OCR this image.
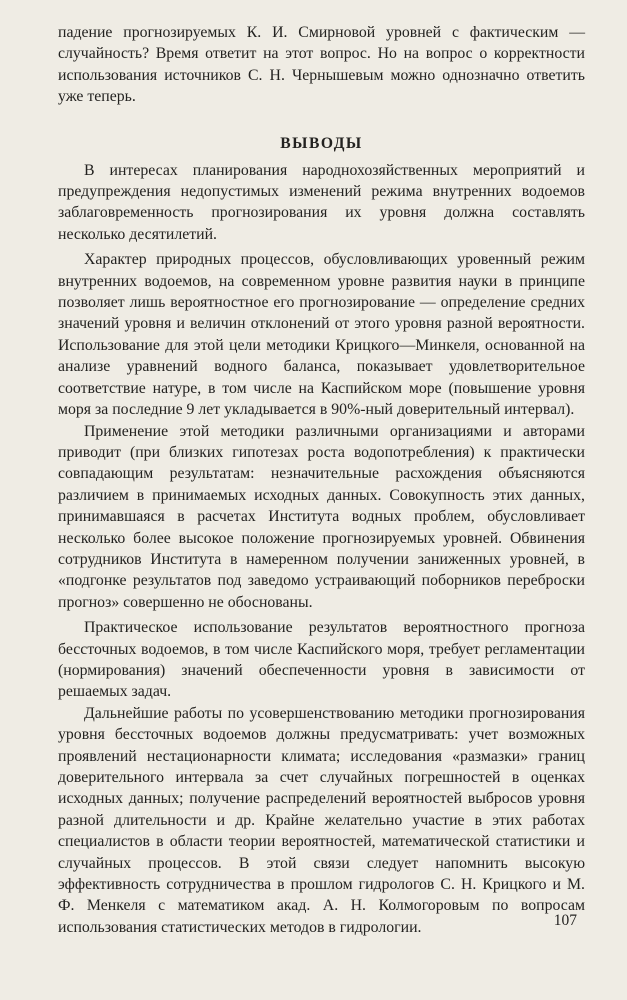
падение прогнозируемых К. И. Смирновой уровней с фактическим — случайность? Время ответит на этот вопрос. Но на вопрос о корректности использования источников С. Н. Чернышевым можно однозначно ответить уже теперь.

ВЫВОДЫ

В интересах планирования народнохозяйственных мероприятий и предупреждения недопустимых изменений режима внутренних водоемов заблаговременность прогнозирования их уровня должна составлять несколько десятилетий.

Характер природных процессов, обусловливающих уровенный режим внутренних водоемов, на современном уровне развития науки в принципе позволяет лишь вероятностное его прогнозирование — определение средних значений уровня и величин отклонений от этого уровня разной вероятности. Использование для этой цели методики Крицкого—Минкеля, основанной на анализе уравнений водного баланса, показывает удовлетворительное соответствие натуре, в том числе на Каспийском море (повышение уровня моря за последние 9 лет укладывается в 90%-ный доверительный интервал).

Применение этой методики различными организациями и авторами приводит (при близких гипотезах роста водопотребления) к практически совпадающим результатам: незначительные расхождения объясняются различием в принимаемых исходных данных. Совокупность этих данных, принимавшаяся в расчетах Института водных проблем, обусловливает несколько более высокое положение прогнозируемых уровней. Обвинения сотрудников Института в намеренном получении заниженных уровней, в «подгонке результатов под заведомо устраивающий поборников переброски прогноз» совершенно не обоснованы.

Практическое использование результатов вероятностного прогноза бессточных водоемов, в том числе Каспийского моря, требует регламентации (нормирования) значений обеспеченности уровня в зависимости от решаемых задач.

Дальнейшие работы по усовершенствованию методики прогнозирования уровня бессточных водоемов должны предусматривать: учет возможных проявлений нестационарности климата; исследования «размазки» границ доверительного интервала за счет случайных погрешностей в оценках исходных данных; получение распределений вероятностей выбросов уровня разной длительности и др. Крайне желательно участие в этих работах специалистов в области теории вероятностей, математической статистики и случайных процессов. В этой связи следует напомнить высокую эффективность сотрудничества в прошлом гидрологов С. Н. Крицкого и М. Ф. Менкеля с математиком акад. А. Н. Колмогоровым по вопросам использования статистических методов в гидрологии.	107
